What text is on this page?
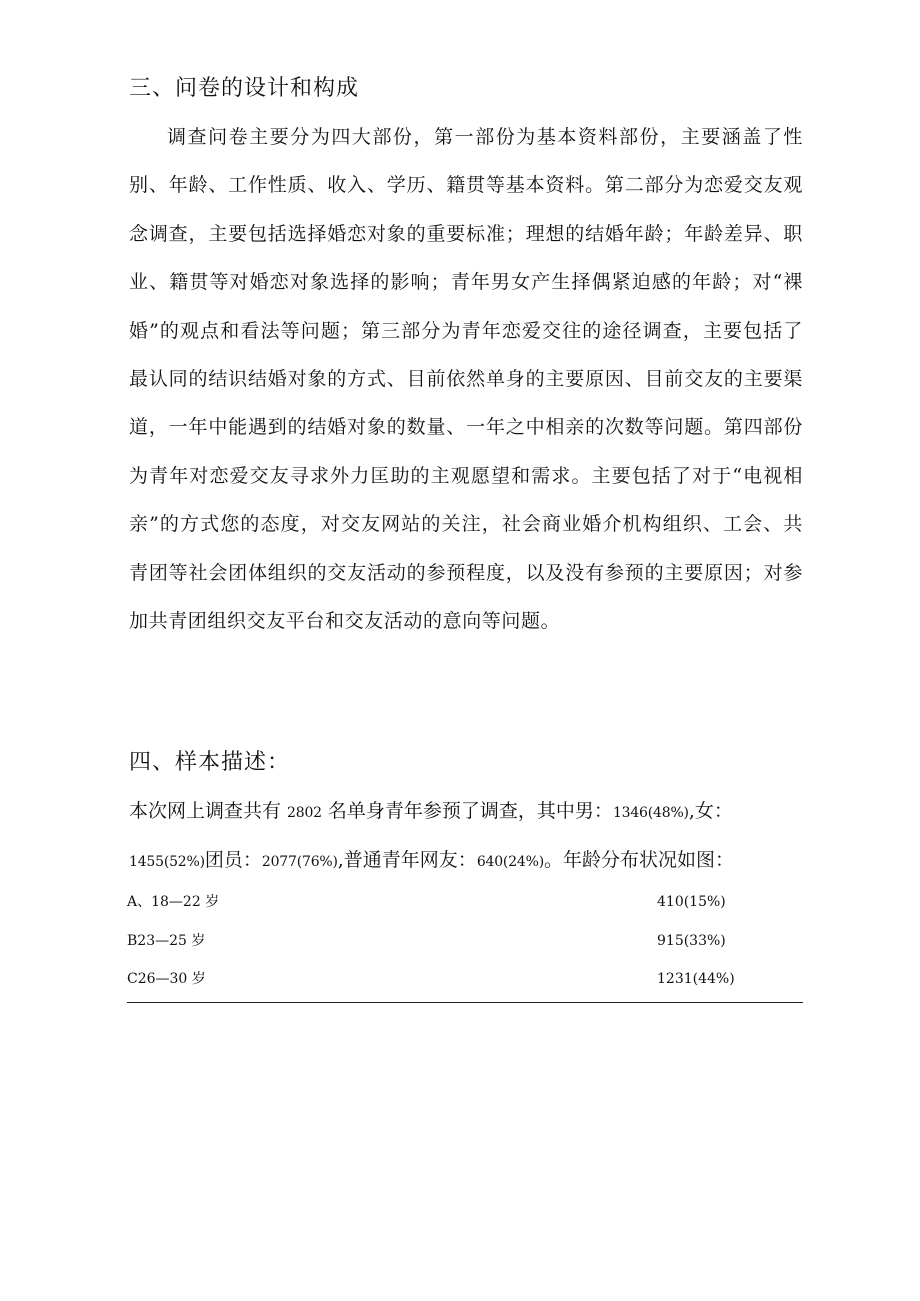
三、问卷的设计和构成

调查问卷主要分为四大部份，第一部份为基本资料部份，主要涵盖了性别、年龄、工作性质、收入、学历、籍贯等基本资料。第二部分为恋爱交友观念调查，主要包括选择婚恋对象的重要标准；理想的结婚年龄；年龄差异、职业、籍贯等对婚恋对象选择的影响；青年男女产生择偶紧迫感的年龄；对“裸婚”的观点和看法等问题；第三部分为青年恋爱交往的途径调查，主要包括了最认同的结识结婚对象的方式、目前依然单身的主要原因、目前交友的主要渠道，一年中能遇到的结婚对象的数量、一年之中相亲的次数等问题。第四部份为青年对恋爱交友寻求外力匡助的主观愿望和需求。主要包括了对于“电视相亲”的方式您的态度，对交友网站的关注，社会商业婚介机构组织、工会、共青团等社会团体组织的交友活动的参预程度，以及没有参预的主要原因；对参加共青团组织交友平台和交友活动的意向等问题。

四、样本描述：
本次网上调查共有 2802 名单身青年参预了调查，其中男：1346(48%),女：
1455(52%)团员：2077(76%),普通青年网友：640(24%)。年龄分布状况如图：
A、18—22 岁	410(15%)
B23—25 岁	915(33%)
C26—30 岁	1231(44%)
